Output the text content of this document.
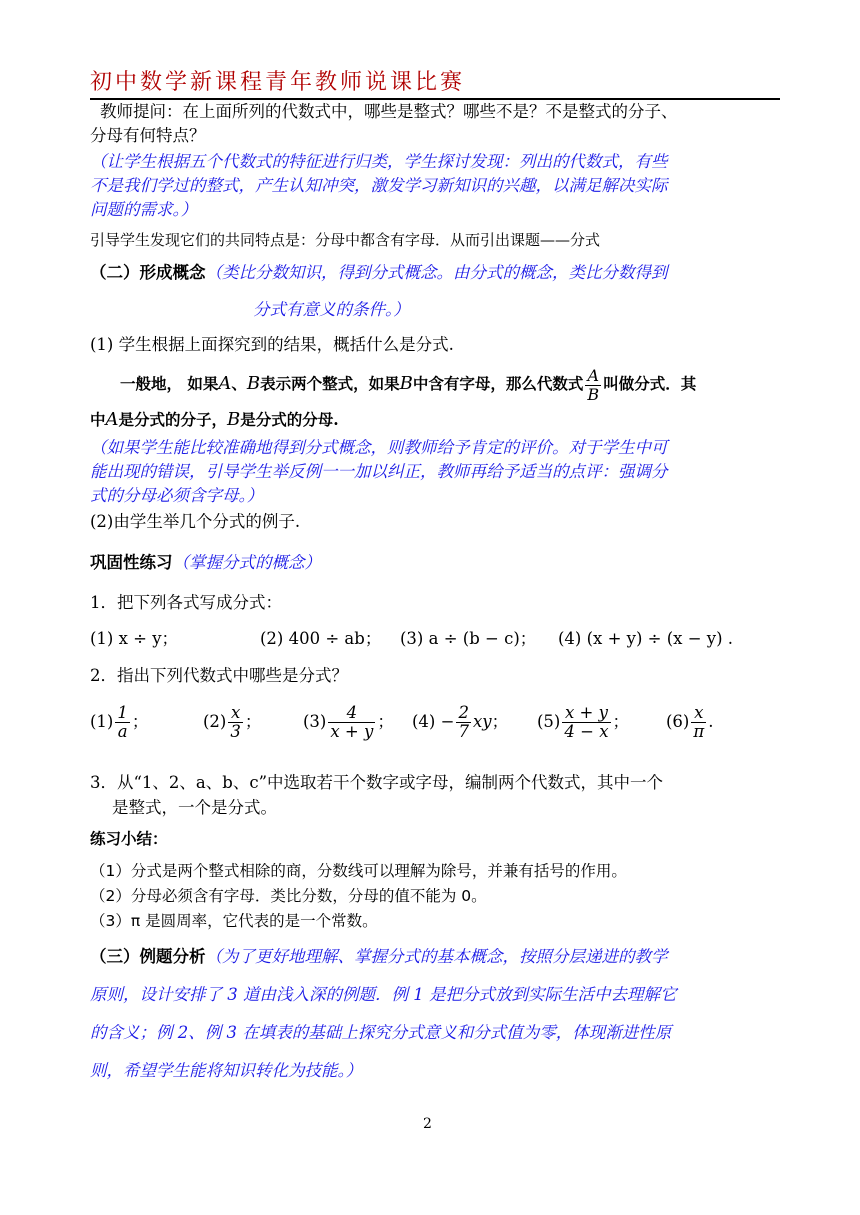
初中数学新课程青年教师说课比赛
教师提问：在上面所列的代数式中，哪些是整式？哪些不是？不是整式的分子、
分母有何特点？
（让学生根据五个代数式的特征进行归类，学生探讨发现：列出的代数式，有些
不是我们学过的整式，产生认知冲突，激发学习新知识的兴趣，以满足解决实际
问题的需求。）
引导学生发现它们的共同特点是：分母中都含有字母．从而引出课题——分式
（二）形成概念（类比分数知识，得到分式概念。由分式的概念，类比分数得到
分式有意义的条件。）
(1) 学生根据上面探究到的结果，概括什么是分式.
一般地， 如果A、B表示两个整式，如果B中含有字母，那么代数式 $\frac{A}{B}$ 叫做分式．其
中A是分式的分子，B是分式的分母.
（如果学生能比较准确地得到分式概念，则教师给予肯定的评价。对于学生中可
能出现的错误，引导学生举反例一一加以纠正，教师再给予适当的点评：强调分
式的分母必须含字母。）
(2)由学生举几个分式的例子.
巩固性练习（掌握分式的概念）
1．把下列各式写成分式：
(1) x ÷ y；	(2) 400 ÷ ab； (3) a ÷ (b − c)； (4) (x + y) ÷ (x − y) .
2．指出下列代数式中哪些是分式？
$(1) \frac{1}{a}$ ；	$(2) \frac{x}{3}$ ；	$(3) \frac{4}{x + y}$ ； $(4) - \frac{2}{7}$ xy； $(5) \frac{x + y}{4 - x}$ ； $(6) \frac{x}{\pi}$ .
3．从“1、2、a、b、c”中选取若干个数字或字母，编制两个代数式，其中一个
是整式，一个是分式。
练习小结：
（1）分式是两个整式相除的商，分数线可以理解为除号，并兼有括号的作用。
（2）分母必须含有字母．类比分数，分母的值不能为 0。
（3）π 是圆周率，它代表的是一个常数。
（三）例题分析（为了更好地理解、掌握分式的基本概念，按照分层递进的教学
原则，设计安排了 3 道由浅入深的例题．例 1 是把分式放到实际生活中去理解它
的含义；例 2、例 3 在填表的基础上探究分式意义和分式值为零，体现渐进性原
则，希望学生能将知识转化为技能。）
2
